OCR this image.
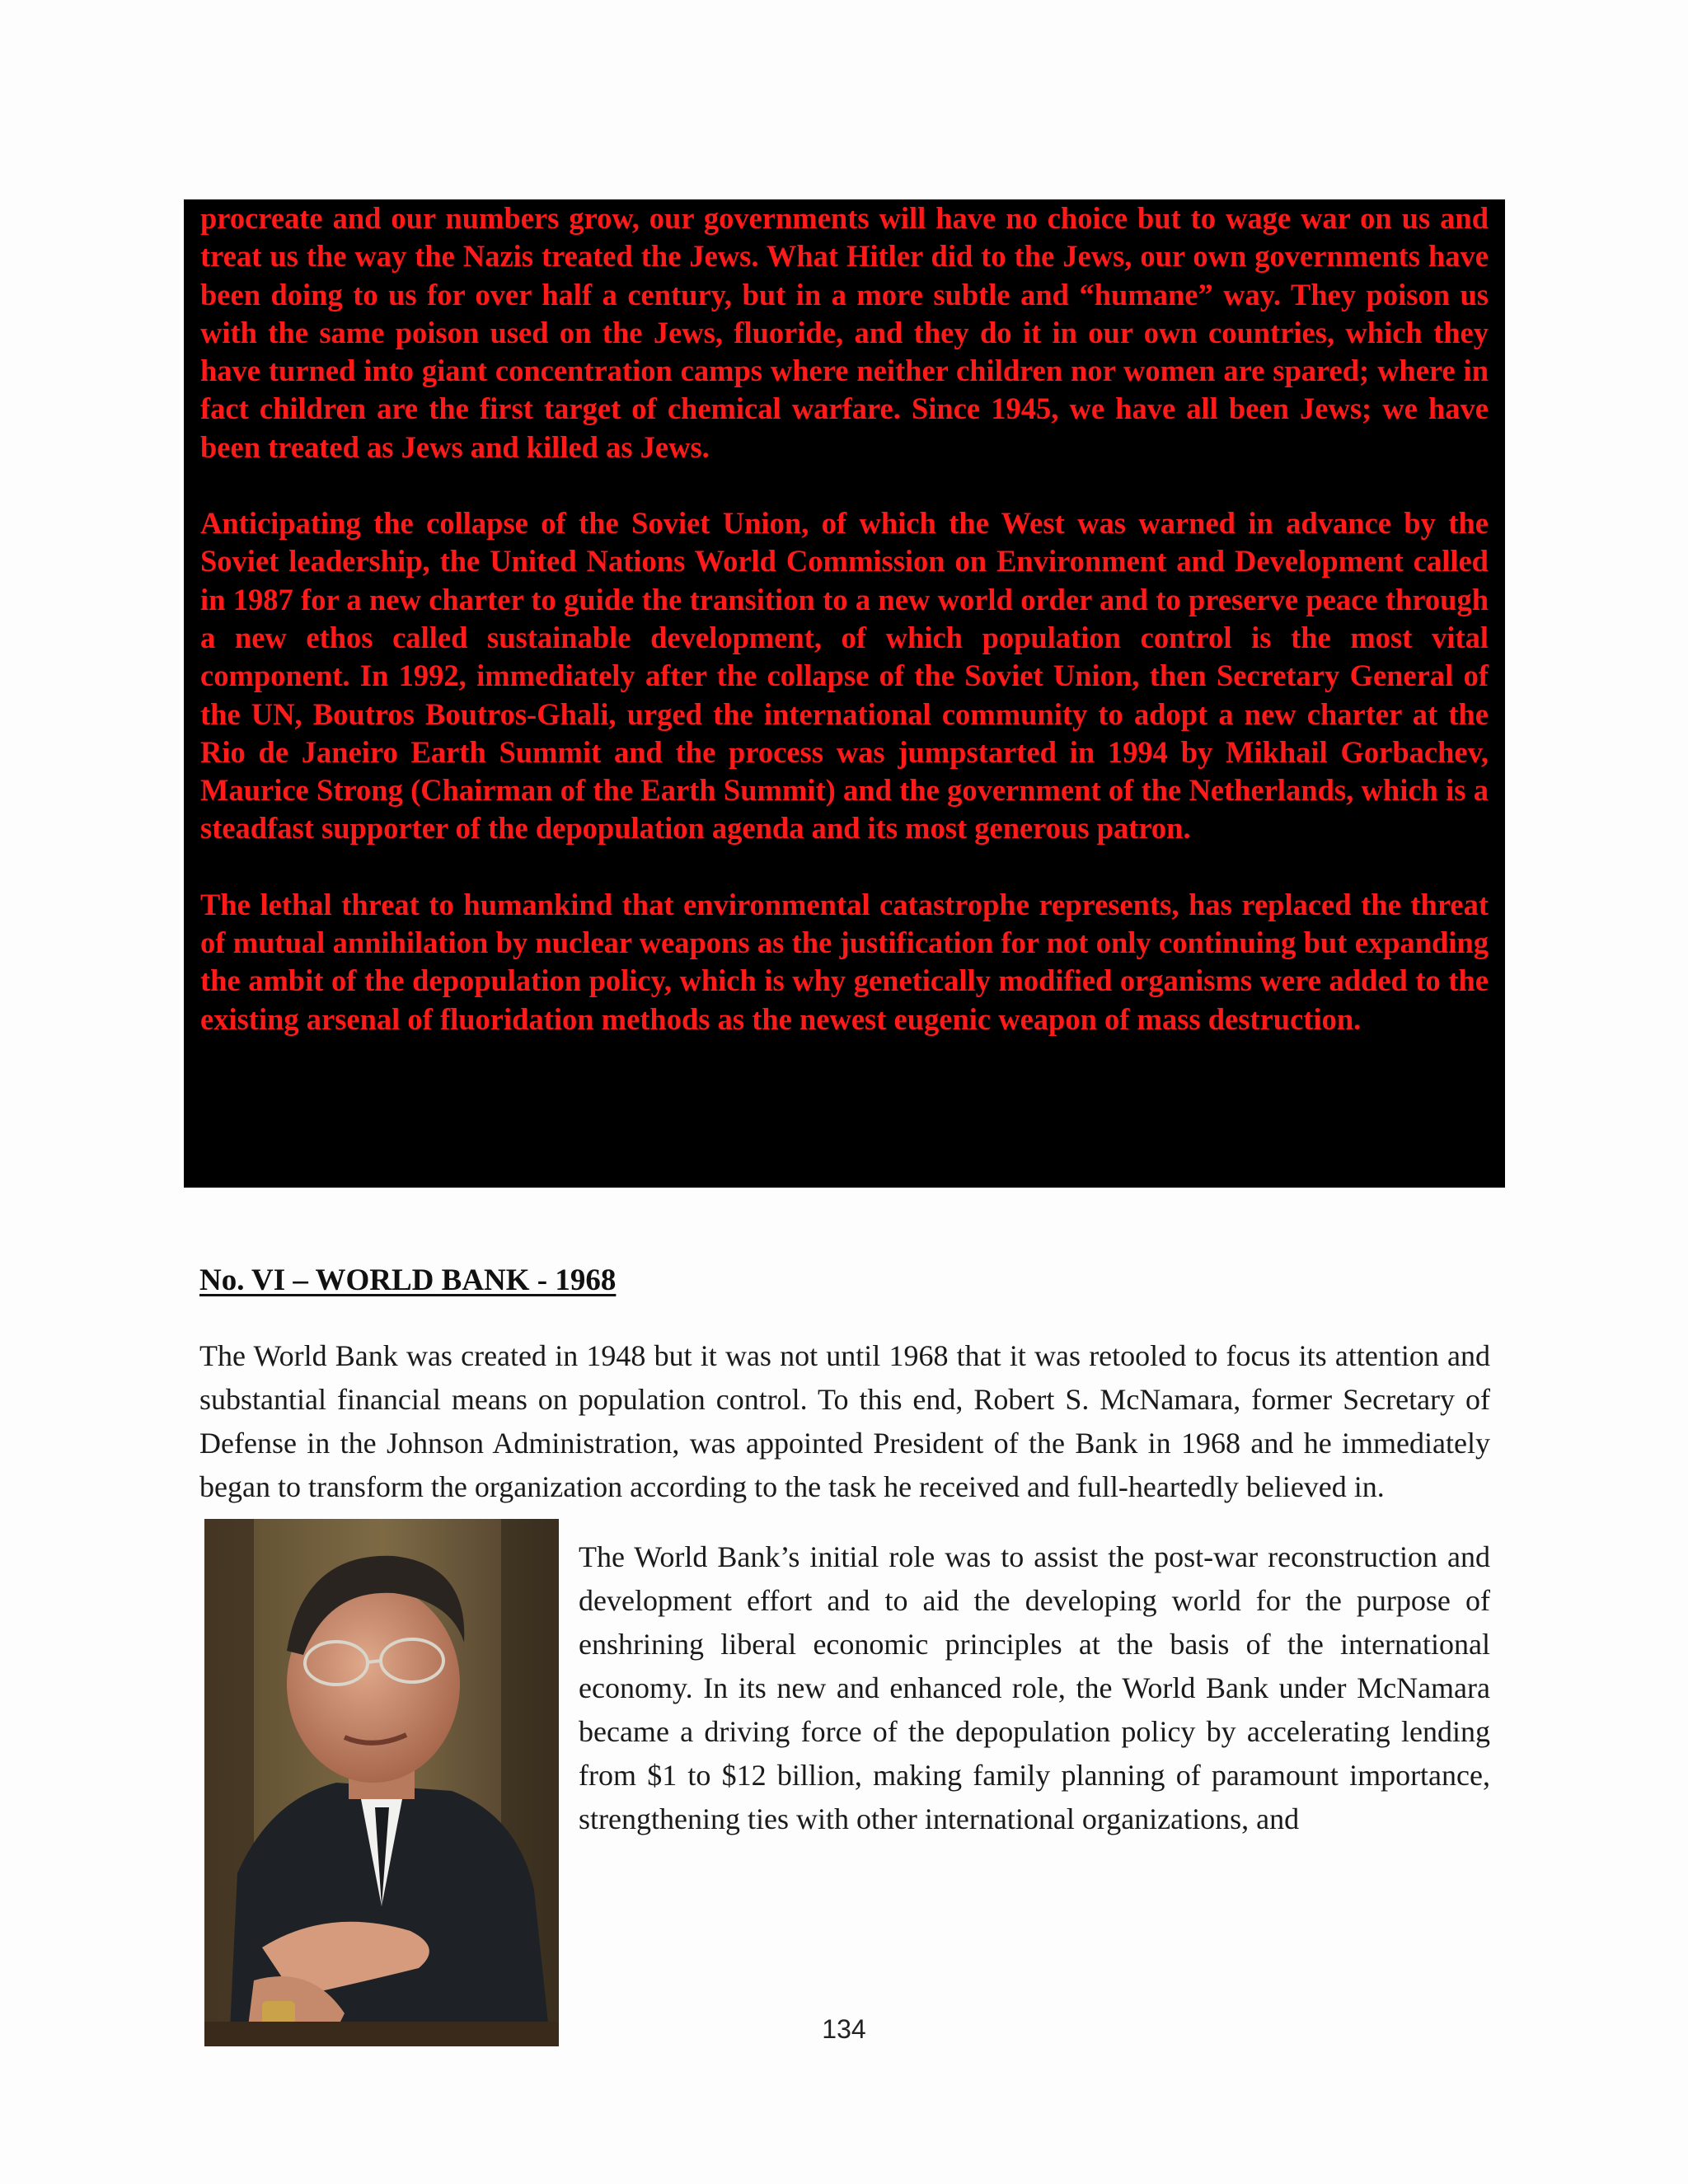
procreate and our numbers grow, our governments will have no choice but to wage war on us and treat us the way the Nazis treated the Jews. What Hitler did to the Jews, our own governments have been doing to us for over half a century, but in a more subtle and “humane” way. They poison us with the same poison used on the Jews, fluoride, and they do it in our own countries, which they have turned into giant concentration camps where neither children nor women are spared; where in fact children are the first target of chemical warfare. Since 1945, we have all been Jews; we have been treated as Jews and killed as Jews.

Anticipating the collapse of the Soviet Union, of which the West was warned in advance by the Soviet leadership, the United Nations World Commission on Environment and Development called in 1987 for a new charter to guide the transition to a new world order and to preserve peace through a new ethos called sustainable development, of which population control is the most vital component. In 1992, immediately after the collapse of the Soviet Union, then Secretary General of the UN, Boutros Boutros-Ghali, urged the international community to adopt a new charter at the Rio de Janeiro Earth Summit and the process was jumpstarted in 1994 by Mikhail Gorbachev, Maurice Strong (Chairman of the Earth Summit) and the government of the Netherlands, which is a steadfast supporter of the depopulation agenda and its most generous patron.

The lethal threat to humankind that environmental catastrophe represents, has replaced the threat of mutual annihilation by nuclear weapons as the justification for not only continuing but expanding the ambit of the depopulation policy, which is why genetically modified organisms were added to the existing arsenal of fluoridation methods as the newest eugenic weapon of mass destruction.

No. VI – WORLD BANK - 1968

The World Bank was created in 1948 but it was not until 1968 that it was retooled to focus its attention and substantial financial means on population control. To this end, Robert S. McNamara, former Secretary of Defense in the Johnson Administration, was appointed President of the Bank in 1968 and he immediately began to transform the organization according to the task he received and full-heartedly believed in.

The World Bank’s initial role was to assist the post-war reconstruction and development effort and to aid the developing world for the purpose of enshrining liberal economic principles at the basis of the international economy. In its new and enhanced role, the World Bank under McNamara became a driving force of the depopulation policy by accelerating lending from $1 to $12 billion, making family planning of paramount importance, strengthening ties with other international organizations, and

134
